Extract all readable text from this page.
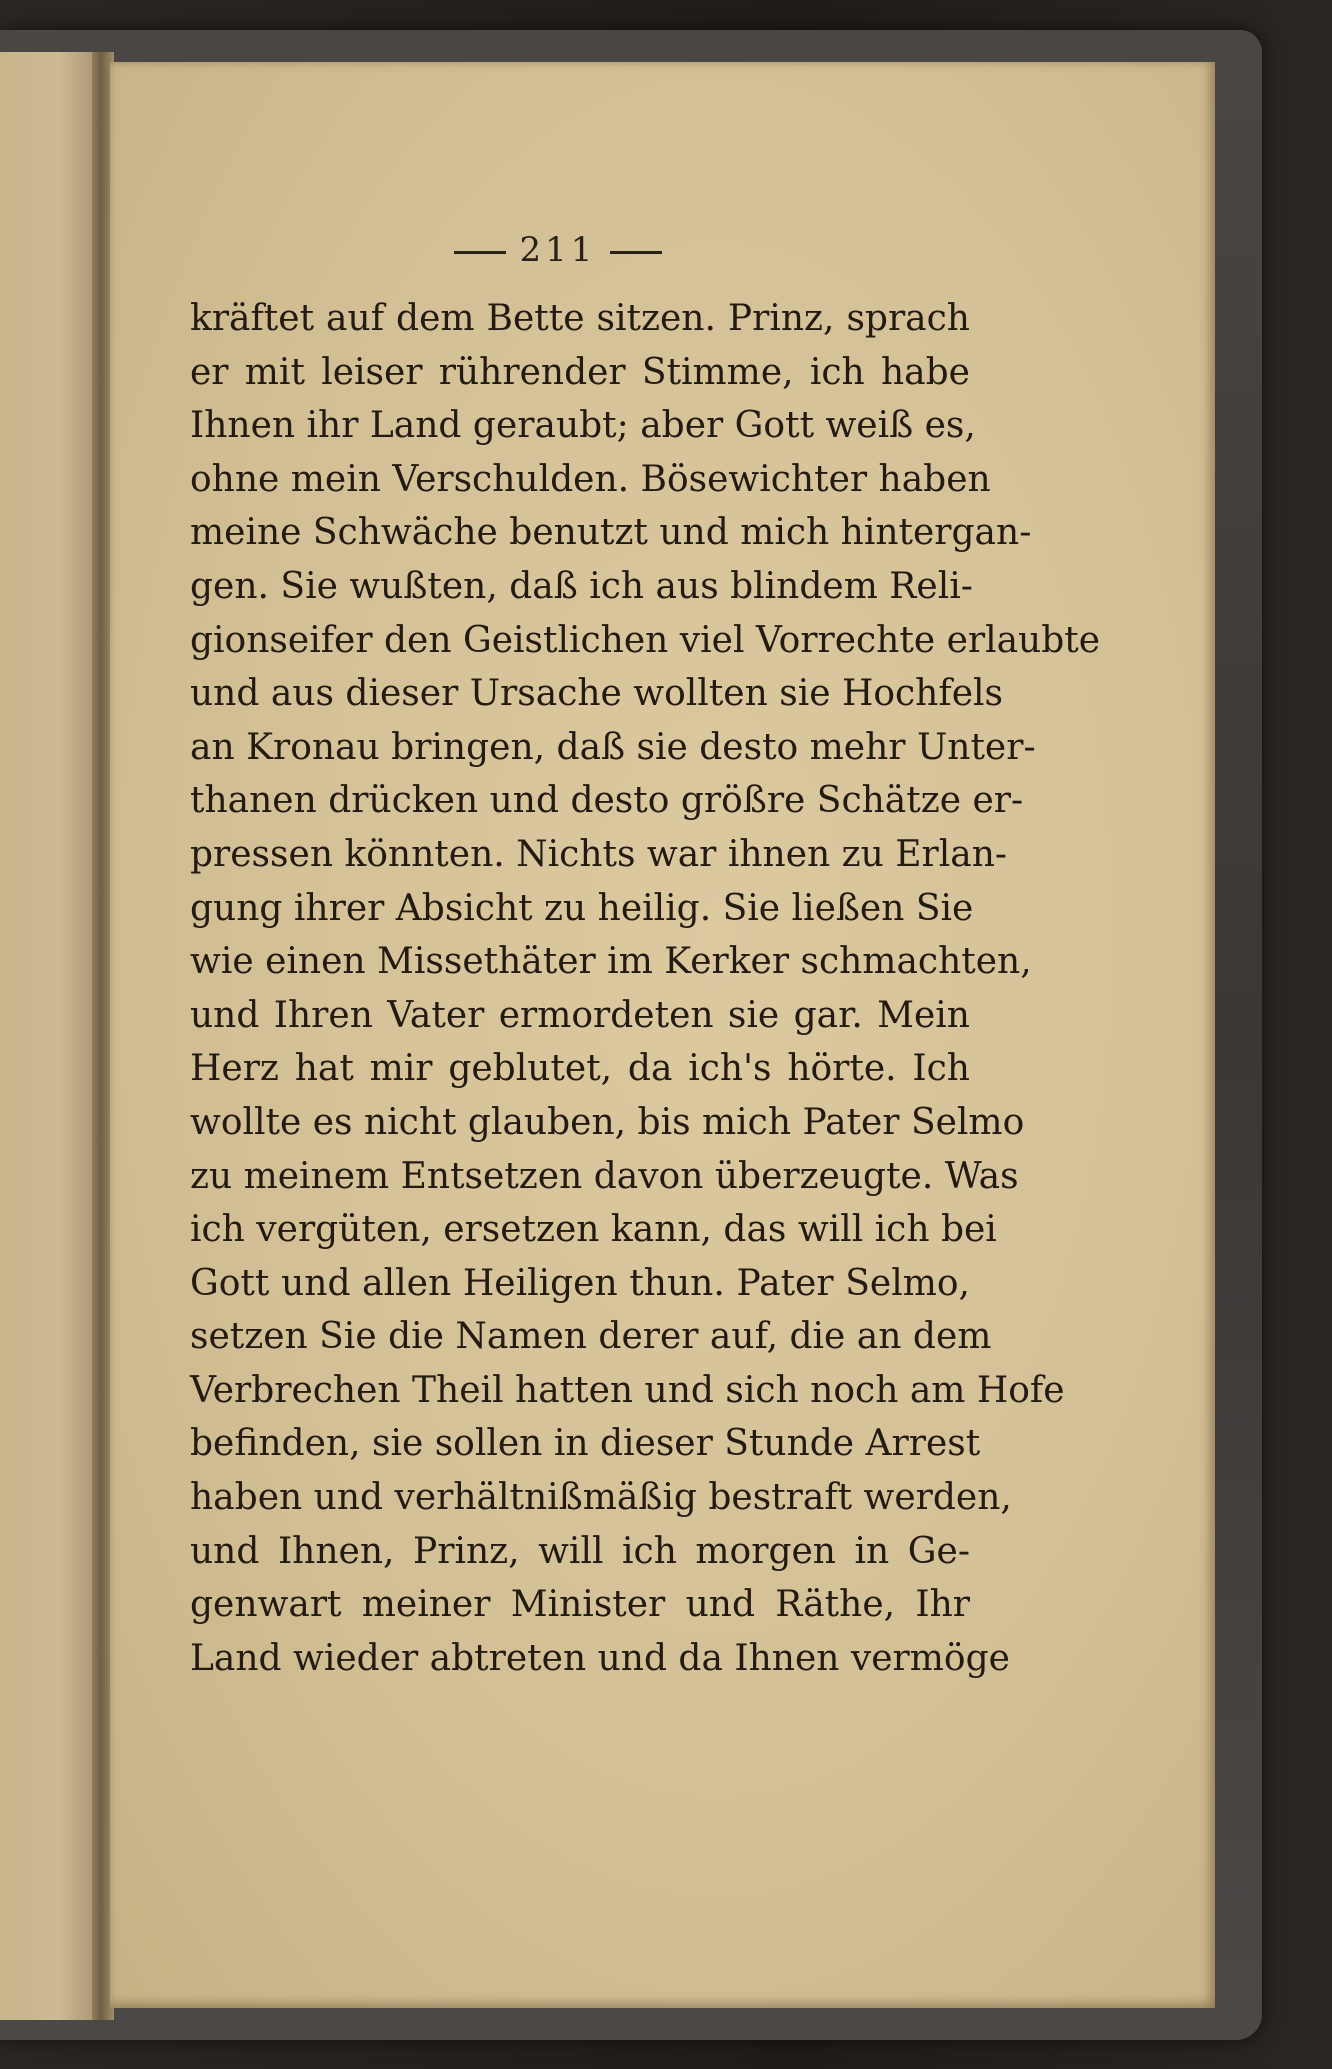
211
kräftet auf dem Bette sitzen. Prinz, sprach
er mit leiser rührender Stimme, ich habe
Ihnen ihr Land geraubt; aber Gott weiß es,
ohne mein Verschulden. Bösewichter haben
meine Schwäche benutzt und mich hintergan-
gen. Sie wußten, daß ich aus blindem Reli-
gionseifer den Geistlichen viel Vorrechte erlaubte
und aus dieser Ursache wollten sie Hochfels
an Kronau bringen, daß sie desto mehr Unter-
thanen drücken und desto größre Schätze er-
pressen könnten. Nichts war ihnen zu Erlan-
gung ihrer Absicht zu heilig. Sie ließen Sie
wie einen Missethäter im Kerker schmachten,
und Ihren Vater ermordeten sie gar. Mein
Herz hat mir geblutet, da ich's hörte. Ich
wollte es nicht glauben, bis mich Pater Selmo
zu meinem Entsetzen davon überzeugte. Was
ich vergüten, ersetzen kann, das will ich bei
Gott und allen Heiligen thun. Pater Selmo,
setzen Sie die Namen derer auf, die an dem
Verbrechen Theil hatten und sich noch am Hofe
befinden, sie sollen in dieser Stunde Arrest
haben und verhältnißmäßig bestraft werden,
und Ihnen, Prinz, will ich morgen in Ge-
genwart meiner Minister und Räthe, Ihr
Land wieder abtreten und da Ihnen vermöge
